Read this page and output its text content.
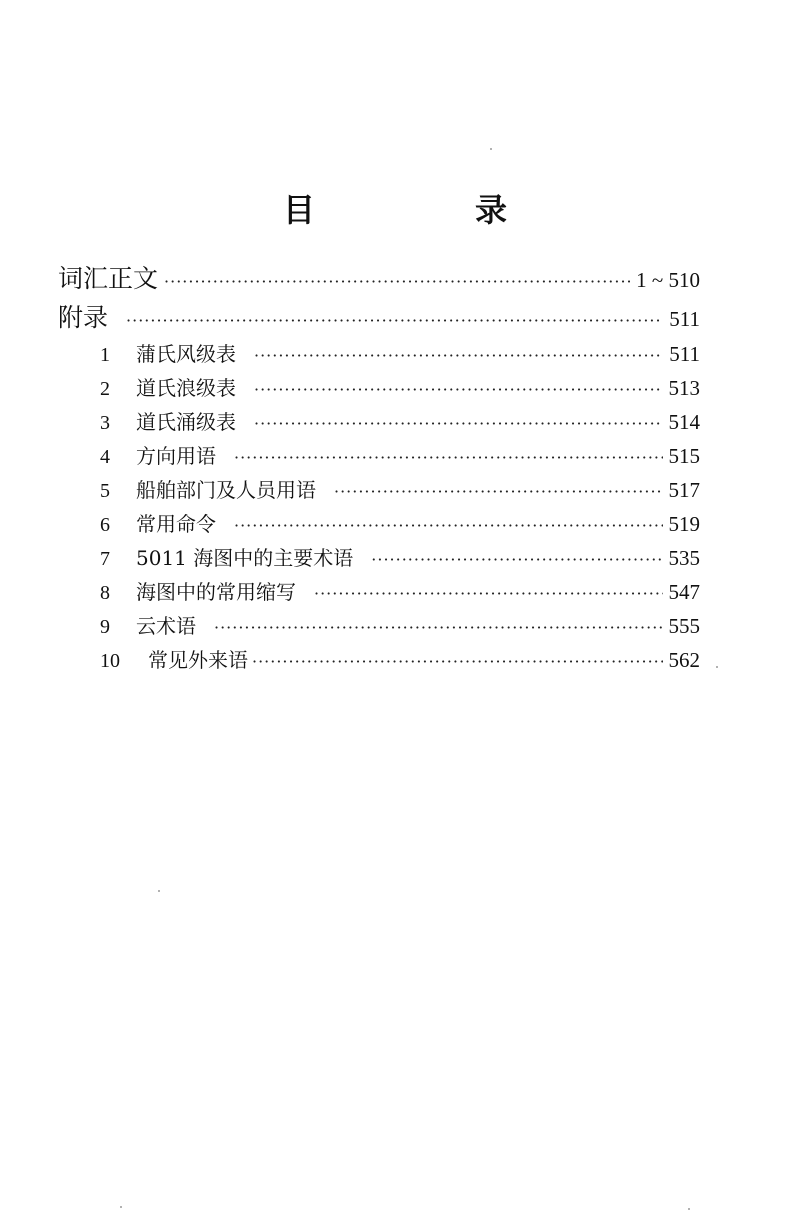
目　录
词汇正文 ·····	1 ~ 510
附录 ·····	511
1	蒲氏风级表 ·····	511
2	道氏浪级表 ·····	513
3	道氏涌级表 ·····	514
4	方向用语 ·····	515
5	船舶部门及人员用语 ·····	517
6	常用命令 ·····	519
7	5011 海图中的主要术语 ·····	535
8	海图中的常用缩写 ·····	547
9	云术语 ·····	555
10	常见外来语 ·····	562
